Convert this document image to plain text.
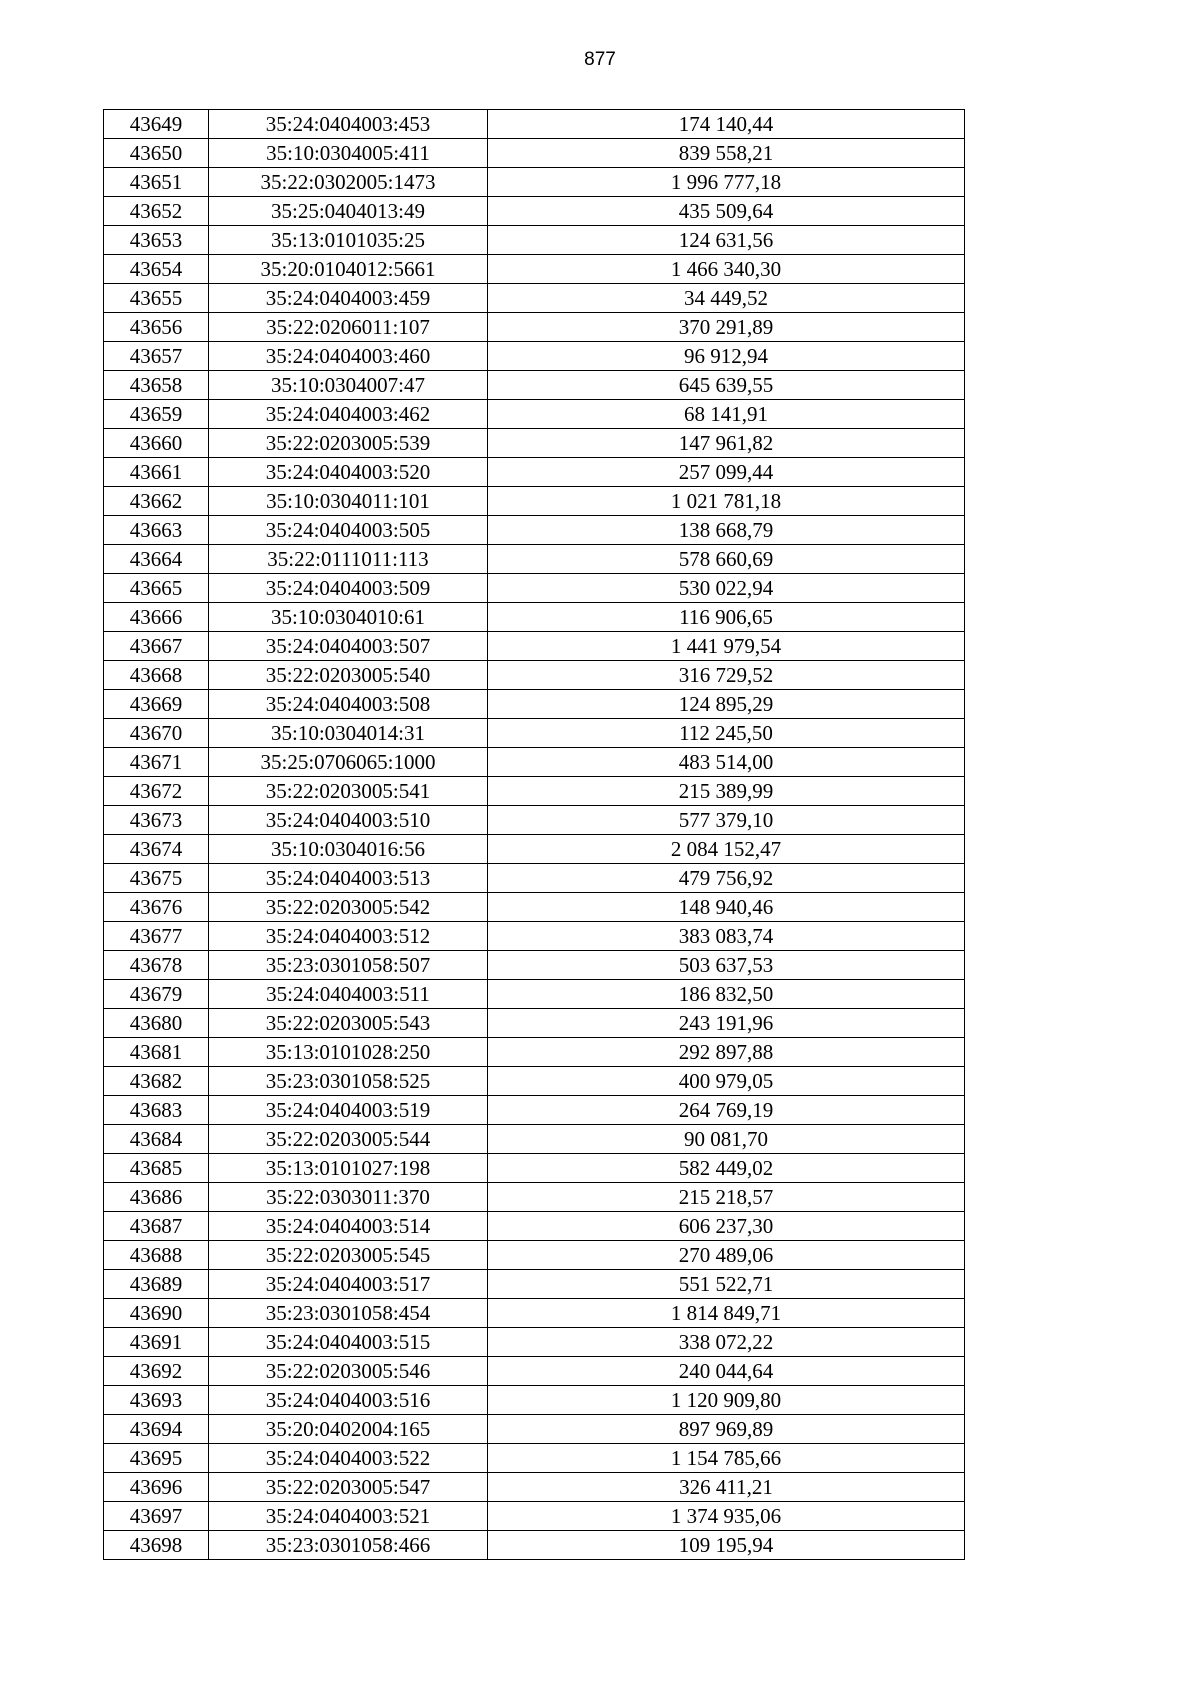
877
43649	35:24:0404003:453	174 140,44
43650	35:10:0304005:411	839 558,21
43651	35:22:0302005:1473	1 996 777,18
43652	35:25:0404013:49	435 509,64
43653	35:13:0101035:25	124 631,56
43654	35:20:0104012:5661	1 466 340,30
43655	35:24:0404003:459	34 449,52
43656	35:22:0206011:107	370 291,89
43657	35:24:0404003:460	96 912,94
43658	35:10:0304007:47	645 639,55
43659	35:24:0404003:462	68 141,91
43660	35:22:0203005:539	147 961,82
43661	35:24:0404003:520	257 099,44
43662	35:10:0304011:101	1 021 781,18
43663	35:24:0404003:505	138 668,79
43664	35:22:0111011:113	578 660,69
43665	35:24:0404003:509	530 022,94
43666	35:10:0304010:61	116 906,65
43667	35:24:0404003:507	1 441 979,54
43668	35:22:0203005:540	316 729,52
43669	35:24:0404003:508	124 895,29
43670	35:10:0304014:31	112 245,50
43671	35:25:0706065:1000	483 514,00
43672	35:22:0203005:541	215 389,99
43673	35:24:0404003:510	577 379,10
43674	35:10:0304016:56	2 084 152,47
43675	35:24:0404003:513	479 756,92
43676	35:22:0203005:542	148 940,46
43677	35:24:0404003:512	383 083,74
43678	35:23:0301058:507	503 637,53
43679	35:24:0404003:511	186 832,50
43680	35:22:0203005:543	243 191,96
43681	35:13:0101028:250	292 897,88
43682	35:23:0301058:525	400 979,05
43683	35:24:0404003:519	264 769,19
43684	35:22:0203005:544	90 081,70
43685	35:13:0101027:198	582 449,02
43686	35:22:0303011:370	215 218,57
43687	35:24:0404003:514	606 237,30
43688	35:22:0203005:545	270 489,06
43689	35:24:0404003:517	551 522,71
43690	35:23:0301058:454	1 814 849,71
43691	35:24:0404003:515	338 072,22
43692	35:22:0203005:546	240 044,64
43693	35:24:0404003:516	1 120 909,80
43694	35:20:0402004:165	897 969,89
43695	35:24:0404003:522	1 154 785,66
43696	35:22:0203005:547	326 411,21
43697	35:24:0404003:521	1 374 935,06
43698	35:23:0301058:466	109 195,94
